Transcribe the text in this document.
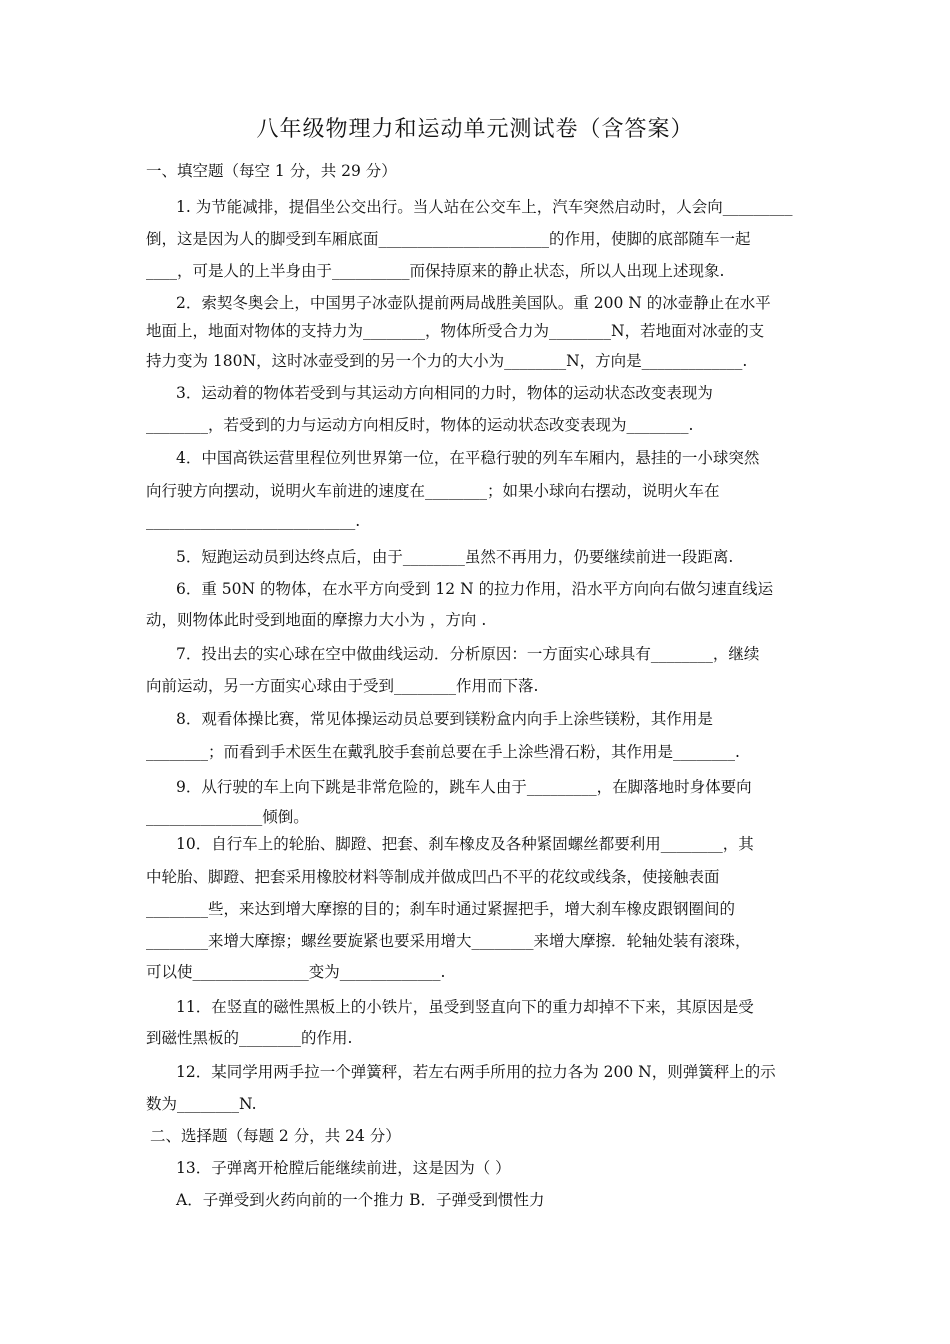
八年级物理力和运动单元测试卷（含答案）
一、填空题（每空 1 分，共 29 分）
1. 为节能减排，提倡坐公交出行。当人站在公交车上，汽车突然启动时，人会向_________
倒，这是因为人的脚受到车厢底面______________________的作用，使脚的底部随车一起
____，可是人的上半身由于__________而保持原来的静止状态，所以人出现上述现象.
2．索契冬奥会上，中国男子冰壶队提前两局战胜美国队。重 200 N 的冰壶静止在水平
地面上，地面对物体的支持力为________，物体所受合力为________N，若地面对冰壶的支
持力变为 180N，这时冰壶受到的另一个力的大小为________N，方向是_____________.
3．运动着的物体若受到与其运动方向相同的力时，物体的运动状态改变表现为
________，若受到的力与运动方向相反时，物体的运动状态改变表现为________.
4．中国高铁运营里程位列世界第一位，在平稳行驶的列车车厢内，悬挂的一小球突然
向行驶方向摆动，说明火车前进的速度在________；如果小球向右摆动，说明火车在
___________________________.
5．短跑运动员到达终点后，由于________虽然不再用力，仍要继续前进一段距离.
6．重 50N 的物体，在水平方向受到 12 N 的拉力作用，沿水平方向向右做匀速直线运
动，则物体此时受到地面的摩擦力大小为 ，方向 .
7．投出去的实心球在空中做曲线运动．分析原因：一方面实心球具有________，继续
向前运动，另一方面实心球由于受到________作用而下落.
8．观看体操比赛，常见体操运动员总要到镁粉盒内向手上涂些镁粉，其作用是
________；而看到手术医生在戴乳胶手套前总要在手上涂些滑石粉，其作用是________.
9．从行驶的车上向下跳是非常危险的，跳车人由于_________，在脚落地时身体要向
_______________倾倒。
10．自行车上的轮胎、脚蹬、把套、刹车橡皮及各种紧固螺丝都要利用________，其
中轮胎、脚蹬、把套采用橡胶材料等制成并做成凹凸不平的花纹或线条，使接触表面
________些，来达到增大摩擦的目的；刹车时通过紧握把手，增大刹车橡皮跟钢圈间的
________来增大摩擦；螺丝要旋紧也要采用增大________来增大摩擦．轮轴处装有滚珠，
可以使_______________变为_____________.
11．在竖直的磁性黑板上的小铁片，虽受到竖直向下的重力却掉不下来，其原因是受
到磁性黑板的________的作用.
12．某同学用两手拉一个弹簧秤，若左右两手所用的拉力各为 200 N，则弹簧秤上的示
数为________N.
二、选择题（每题 2 分，共 24 分）
13．子弹离开枪膛后能继续前进，这是因为（ ）
A．子弹受到火药向前的一个推力 B．子弹受到惯性力
